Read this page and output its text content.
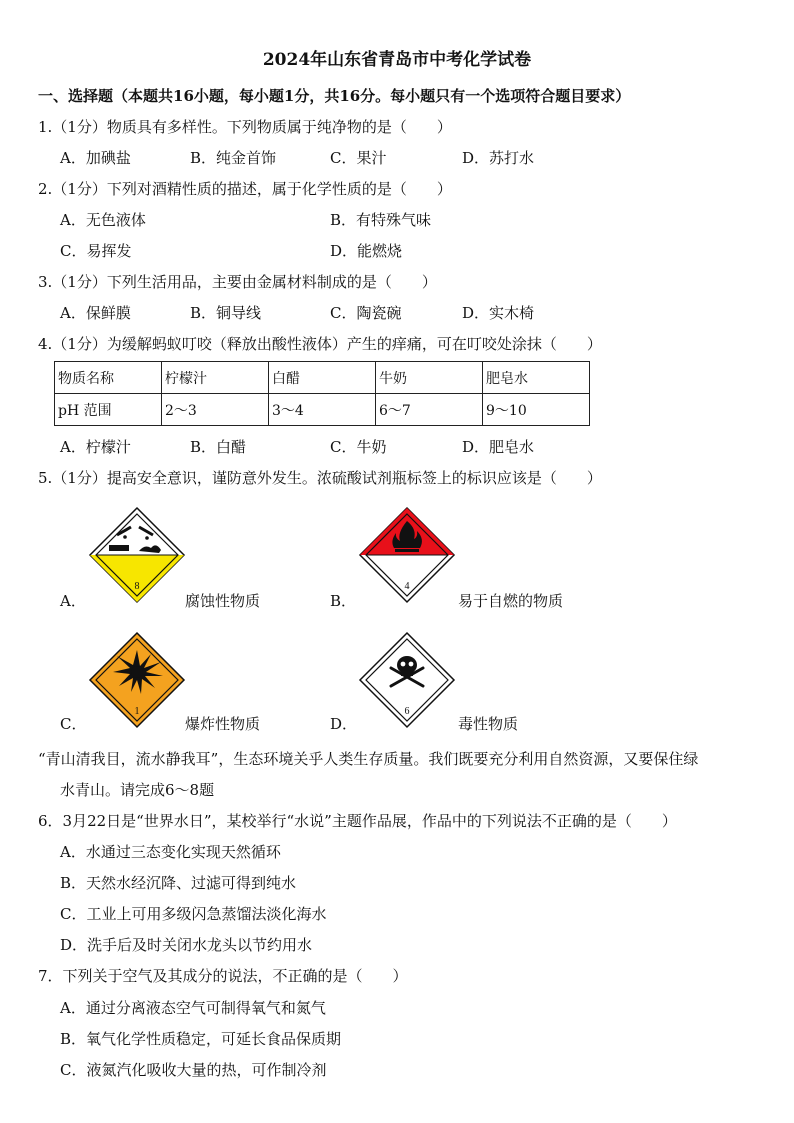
2024年山东省青岛市中考化学试卷
一、选择题（本题共16小题，每小题1分，共16分。每小题只有一个选项符合题目要求）
1.（1分）物质具有多样性。下列物质属于纯净物的是（　　）
A．加碘盐	B．纯金首饰	C．果汁	D．苏打水
2.（1分）下列对酒精性质的描述，属于化学性质的是（　　）
A．无色液体	B．有特殊气味
C．易挥发	D．能燃烧
3.（1分）下列生活用品，主要由金属材料制成的是（　　）
A．保鲜膜	B．铜导线	C．陶瓷碗	D．实木椅
4.（1分）为缓解蚂蚁叮咬（释放出酸性液体）产生的痒痛，可在叮咬处涂抹（　　）
物质名称	柠檬汁	白醋	牛奶	肥皂水
pH 范围	2～3	3～4	6～7	9～10
A．柠檬汁	B．白醋	C．牛奶	D．肥皂水
5.（1分）提高安全意识，谨防意外发生。浓硫酸试剂瓶标签上的标识应该是（　　）
8
A．	腐蚀性物质
4
B．	易于自燃的物质
1
C．	爆炸性物质
6
D．	毒性物质
“青山清我目，流水静我耳”，生态环境关乎人类生存质量。我们既要充分利用自然资源，又要保住绿
水青山。请完成6～8题
6．3月22日是“世界水日”，某校举行“水说”主题作品展，作品中的下列说法不正确的是（　　）
A．水通过三态变化实现天然循环
B．天然水经沉降、过滤可得到纯水
C．工业上可用多级闪急蒸馏法淡化海水
D．洗手后及时关闭水龙头以节约用水
7．下列关于空气及其成分的说法，不正确的是（　　）
A．通过分离液态空气可制得氧气和氮气
B．氧气化学性质稳定，可延长食品保质期
C．液氮汽化吸收大量的热，可作制冷剂
